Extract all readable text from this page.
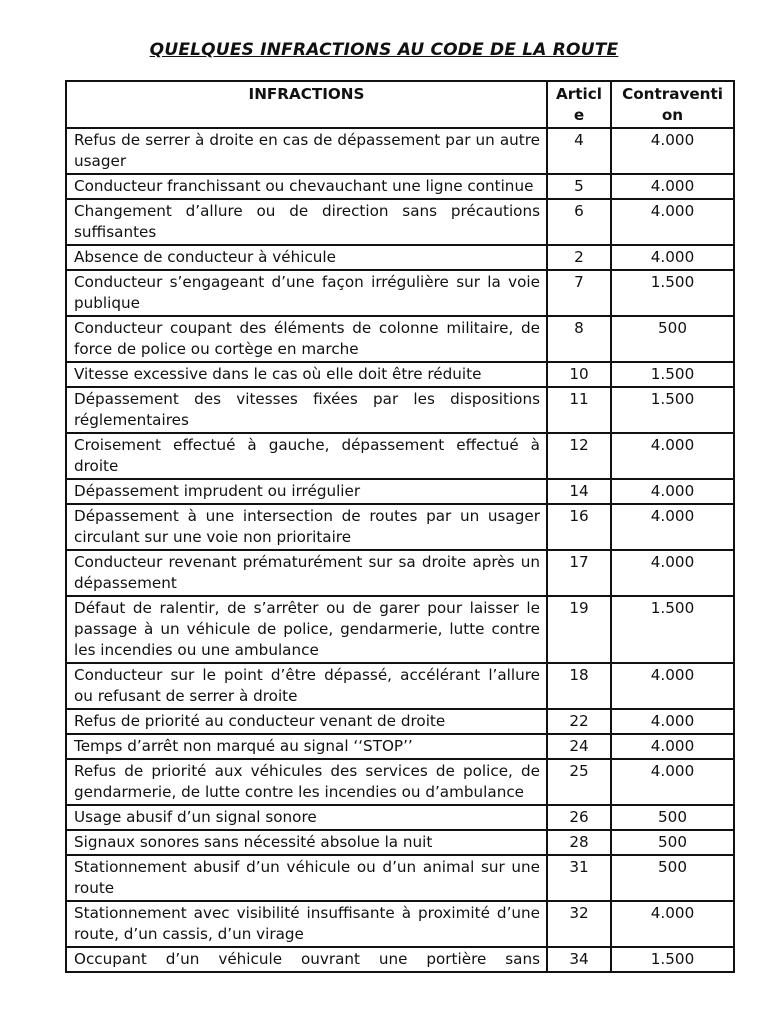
QUELQUES INFRACTIONS AU CODE DE LA ROUTE
INFRACTIONS	Article	Contravention

Refus de serrer à droite en cas de dépassement par un autre usager	4	4.000
Conducteur franchissant ou chevauchant une ligne continue	5	4.000
Changement d’allure ou de direction sans précautions suffisantes	6	4.000
Absence de conducteur à véhicule	2	4.000
Conducteur s’engageant d’une façon irrégulière sur la voie publique	7	1.500
Conducteur coupant des éléments de colonne militaire, de force de police ou cortège en marche	8	500
Vitesse excessive dans le cas où elle doit être réduite	10	1.500
Dépassement des vitesses fixées par les dispositions réglementaires	11	1.500
Croisement effectué à gauche, dépassement effectué à droite	12	4.000
Dépassement imprudent ou irrégulier	14	4.000
Dépassement à une intersection de routes par un usager circulant sur une voie non prioritaire	16	4.000
Conducteur revenant prématurément sur sa droite après un dépassement	17	4.000
Défaut de ralentir, de s’arrêter ou de garer pour laisser le passage à un véhicule de police, gendarmerie, lutte contre les incendies ou une ambulance	19	1.500
Conducteur sur le point d’être dépassé, accélérant l’allure ou refusant de serrer à droite	18	4.000
Refus de priorité au conducteur venant de droite	22	4.000
Temps d’arrêt non marqué au signal ‘‘STOP’’	24	4.000
Refus de priorité aux véhicules des services de police, de gendarmerie, de lutte contre les incendies ou d’ambulance	25	4.000
Usage abusif d’un signal sonore	26	500
Signaux sonores sans nécessité absolue la nuit	28	500
Stationnement abusif d’un véhicule ou d’un animal sur une route	31	500
Stationnement avec visibilité insuffisante à proximité d’une route, d’un cassis, d’un virage	32	4.000
Occupant d’un véhicule ouvrant une portière sans	34	1.500
